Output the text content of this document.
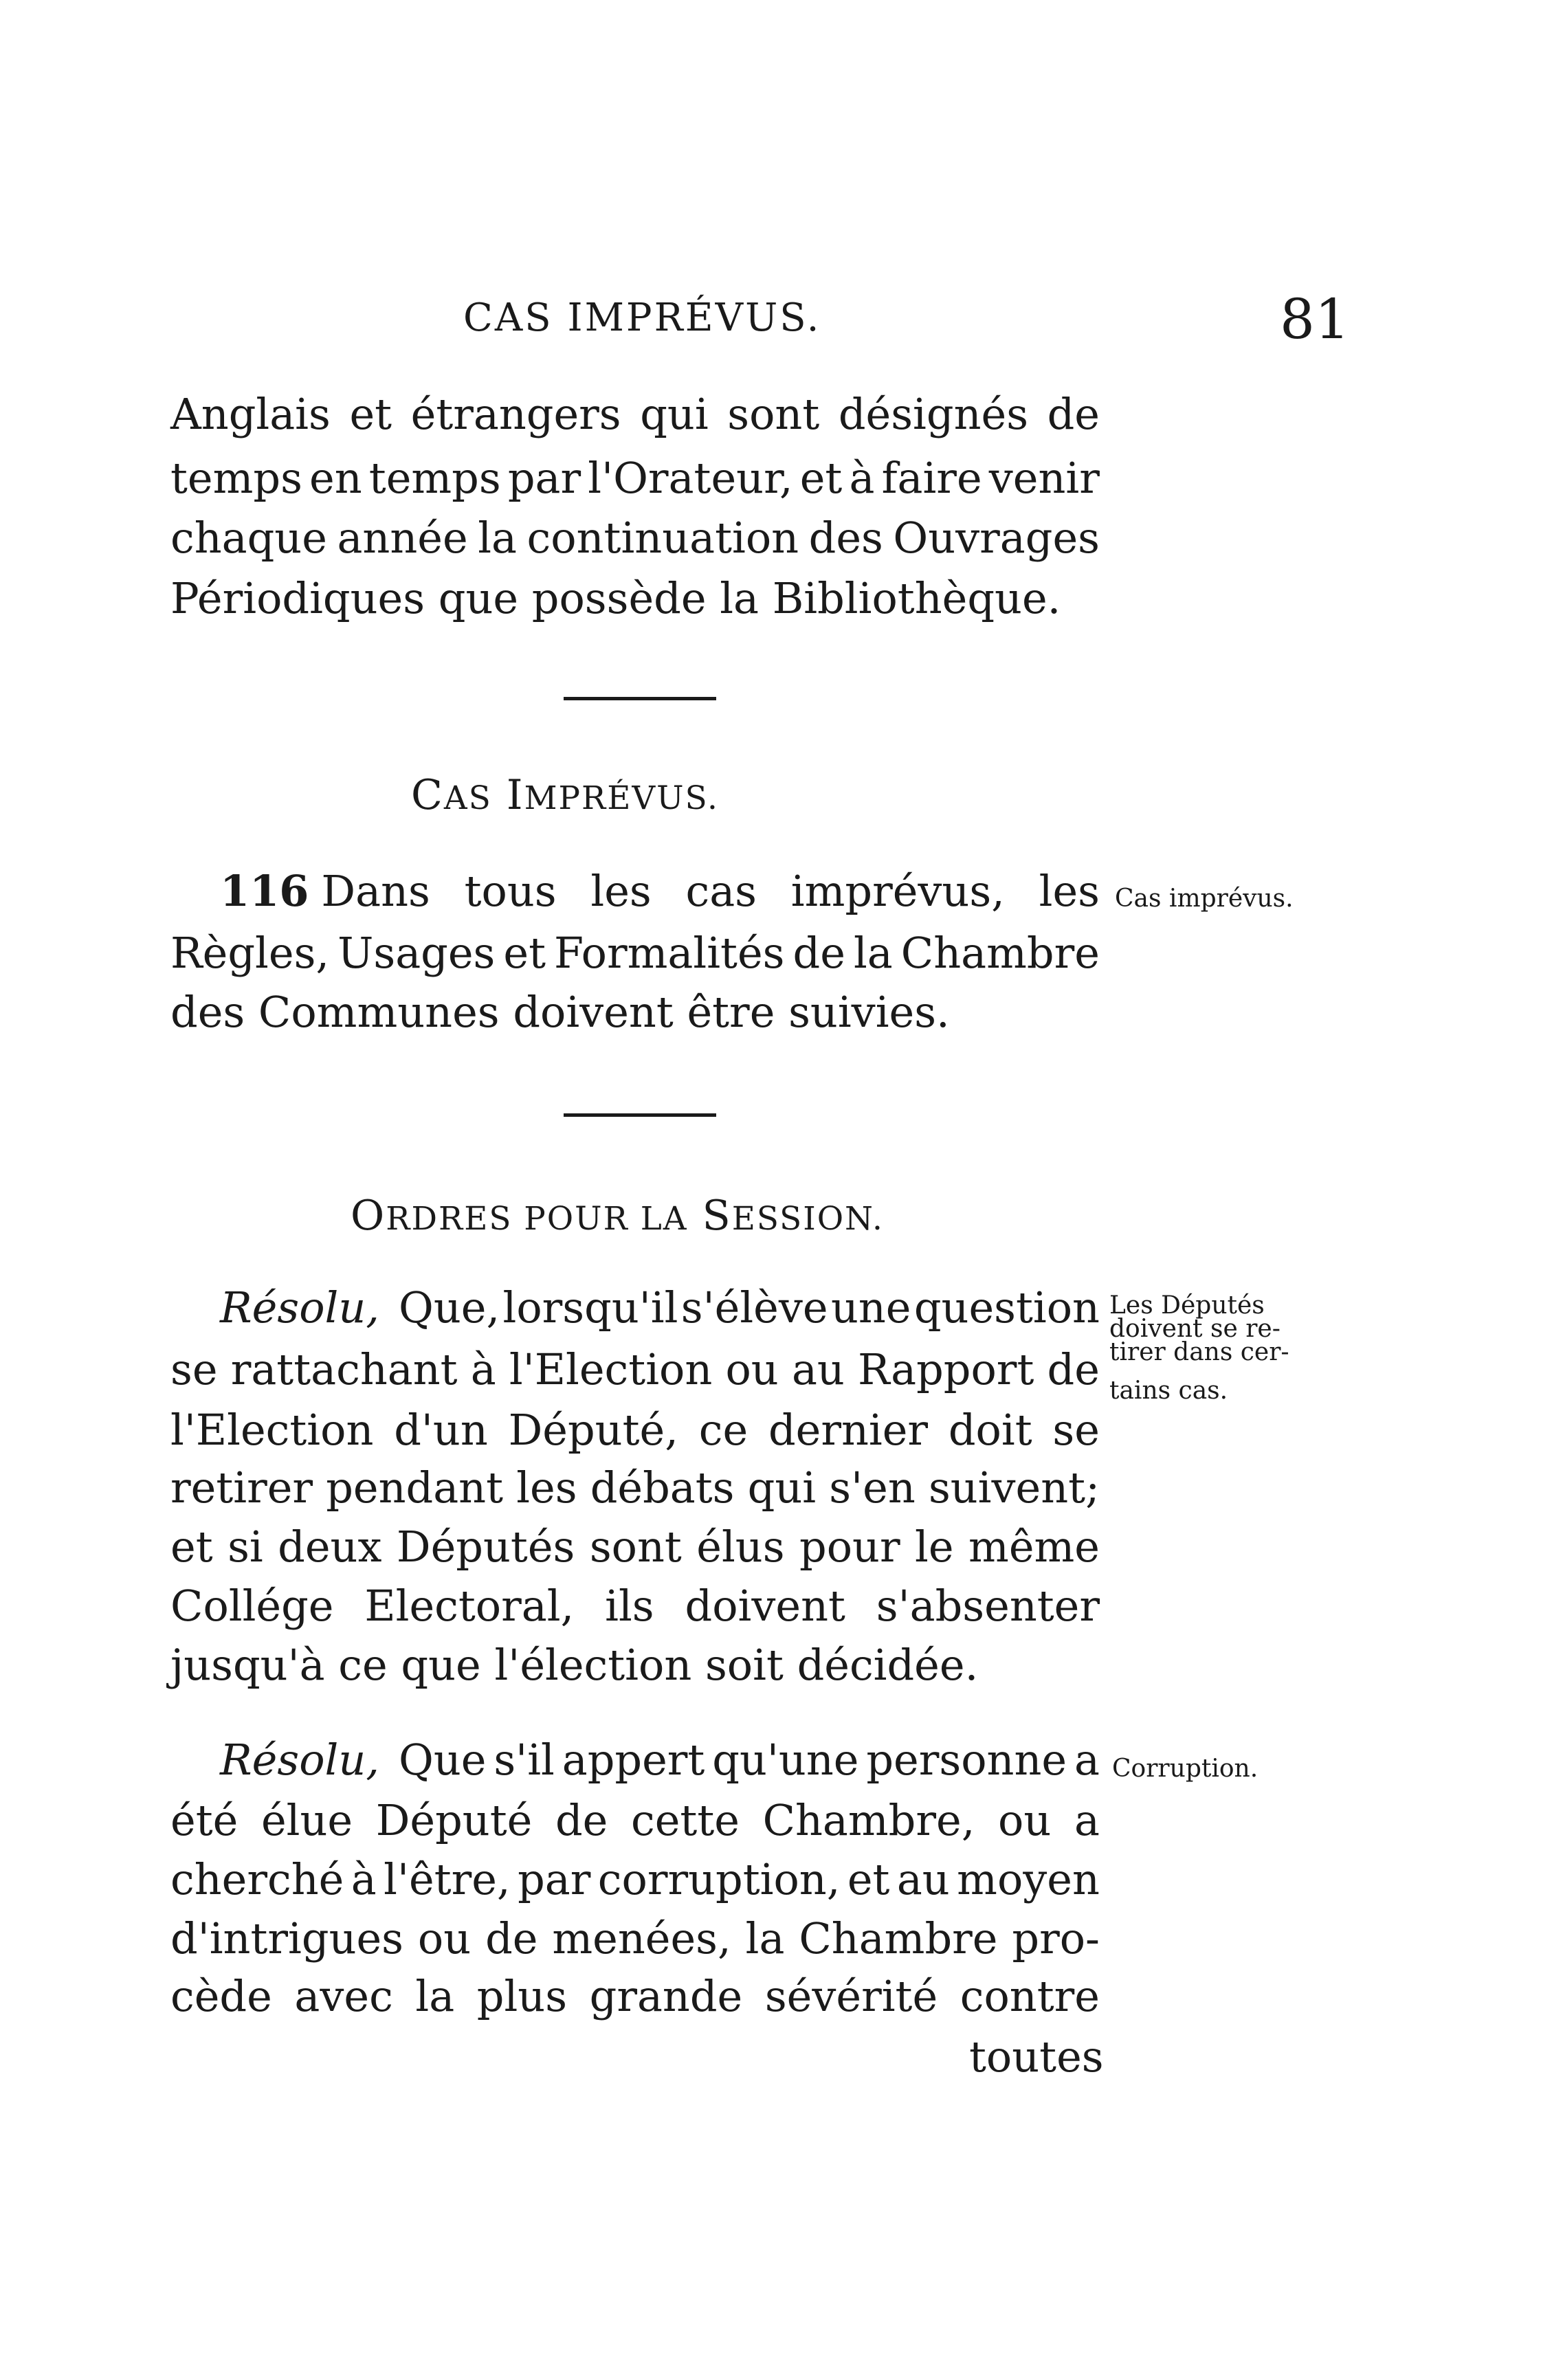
CAS IMPRÉVUS.	81
Anglais et étrangers qui sont désignés de
temps en temps par l'Orateur, et à faire venir
chaque année la continuation des Ouvrages
Périodiques que possède la Bibliothèque.
CAS IMPRÉVUS.
116 Dans tous les cas imprévus, les Cas imprévus.
Règles, Usages et Formalités de la Chambre
des Communes doivent être suivies.
ORDRES POUR LA SESSION.
Résolu, Que, lorsqu'il s'élève une question Les Députés
doivent se re-
tirer dans cer-
tains cas.
se rattachant à l'Election ou au Rapport de
l'Election d'un Député, ce dernier doit se
retirer pendant les débats qui s'en suivent;
et si deux Députés sont élus pour le même
Collége Electoral, ils doivent s'absenter
jusqu'à ce que l'élection soit décidée.
Résolu, Que s'il appert qu'une personne a Corruption.
été élue Député de cette Chambre, ou a
cherché à l'être, par corruption, et au moyen
d'intrigues ou de menées, la Chambre pro-
cède avec la plus grande sévérité contre
toutes
